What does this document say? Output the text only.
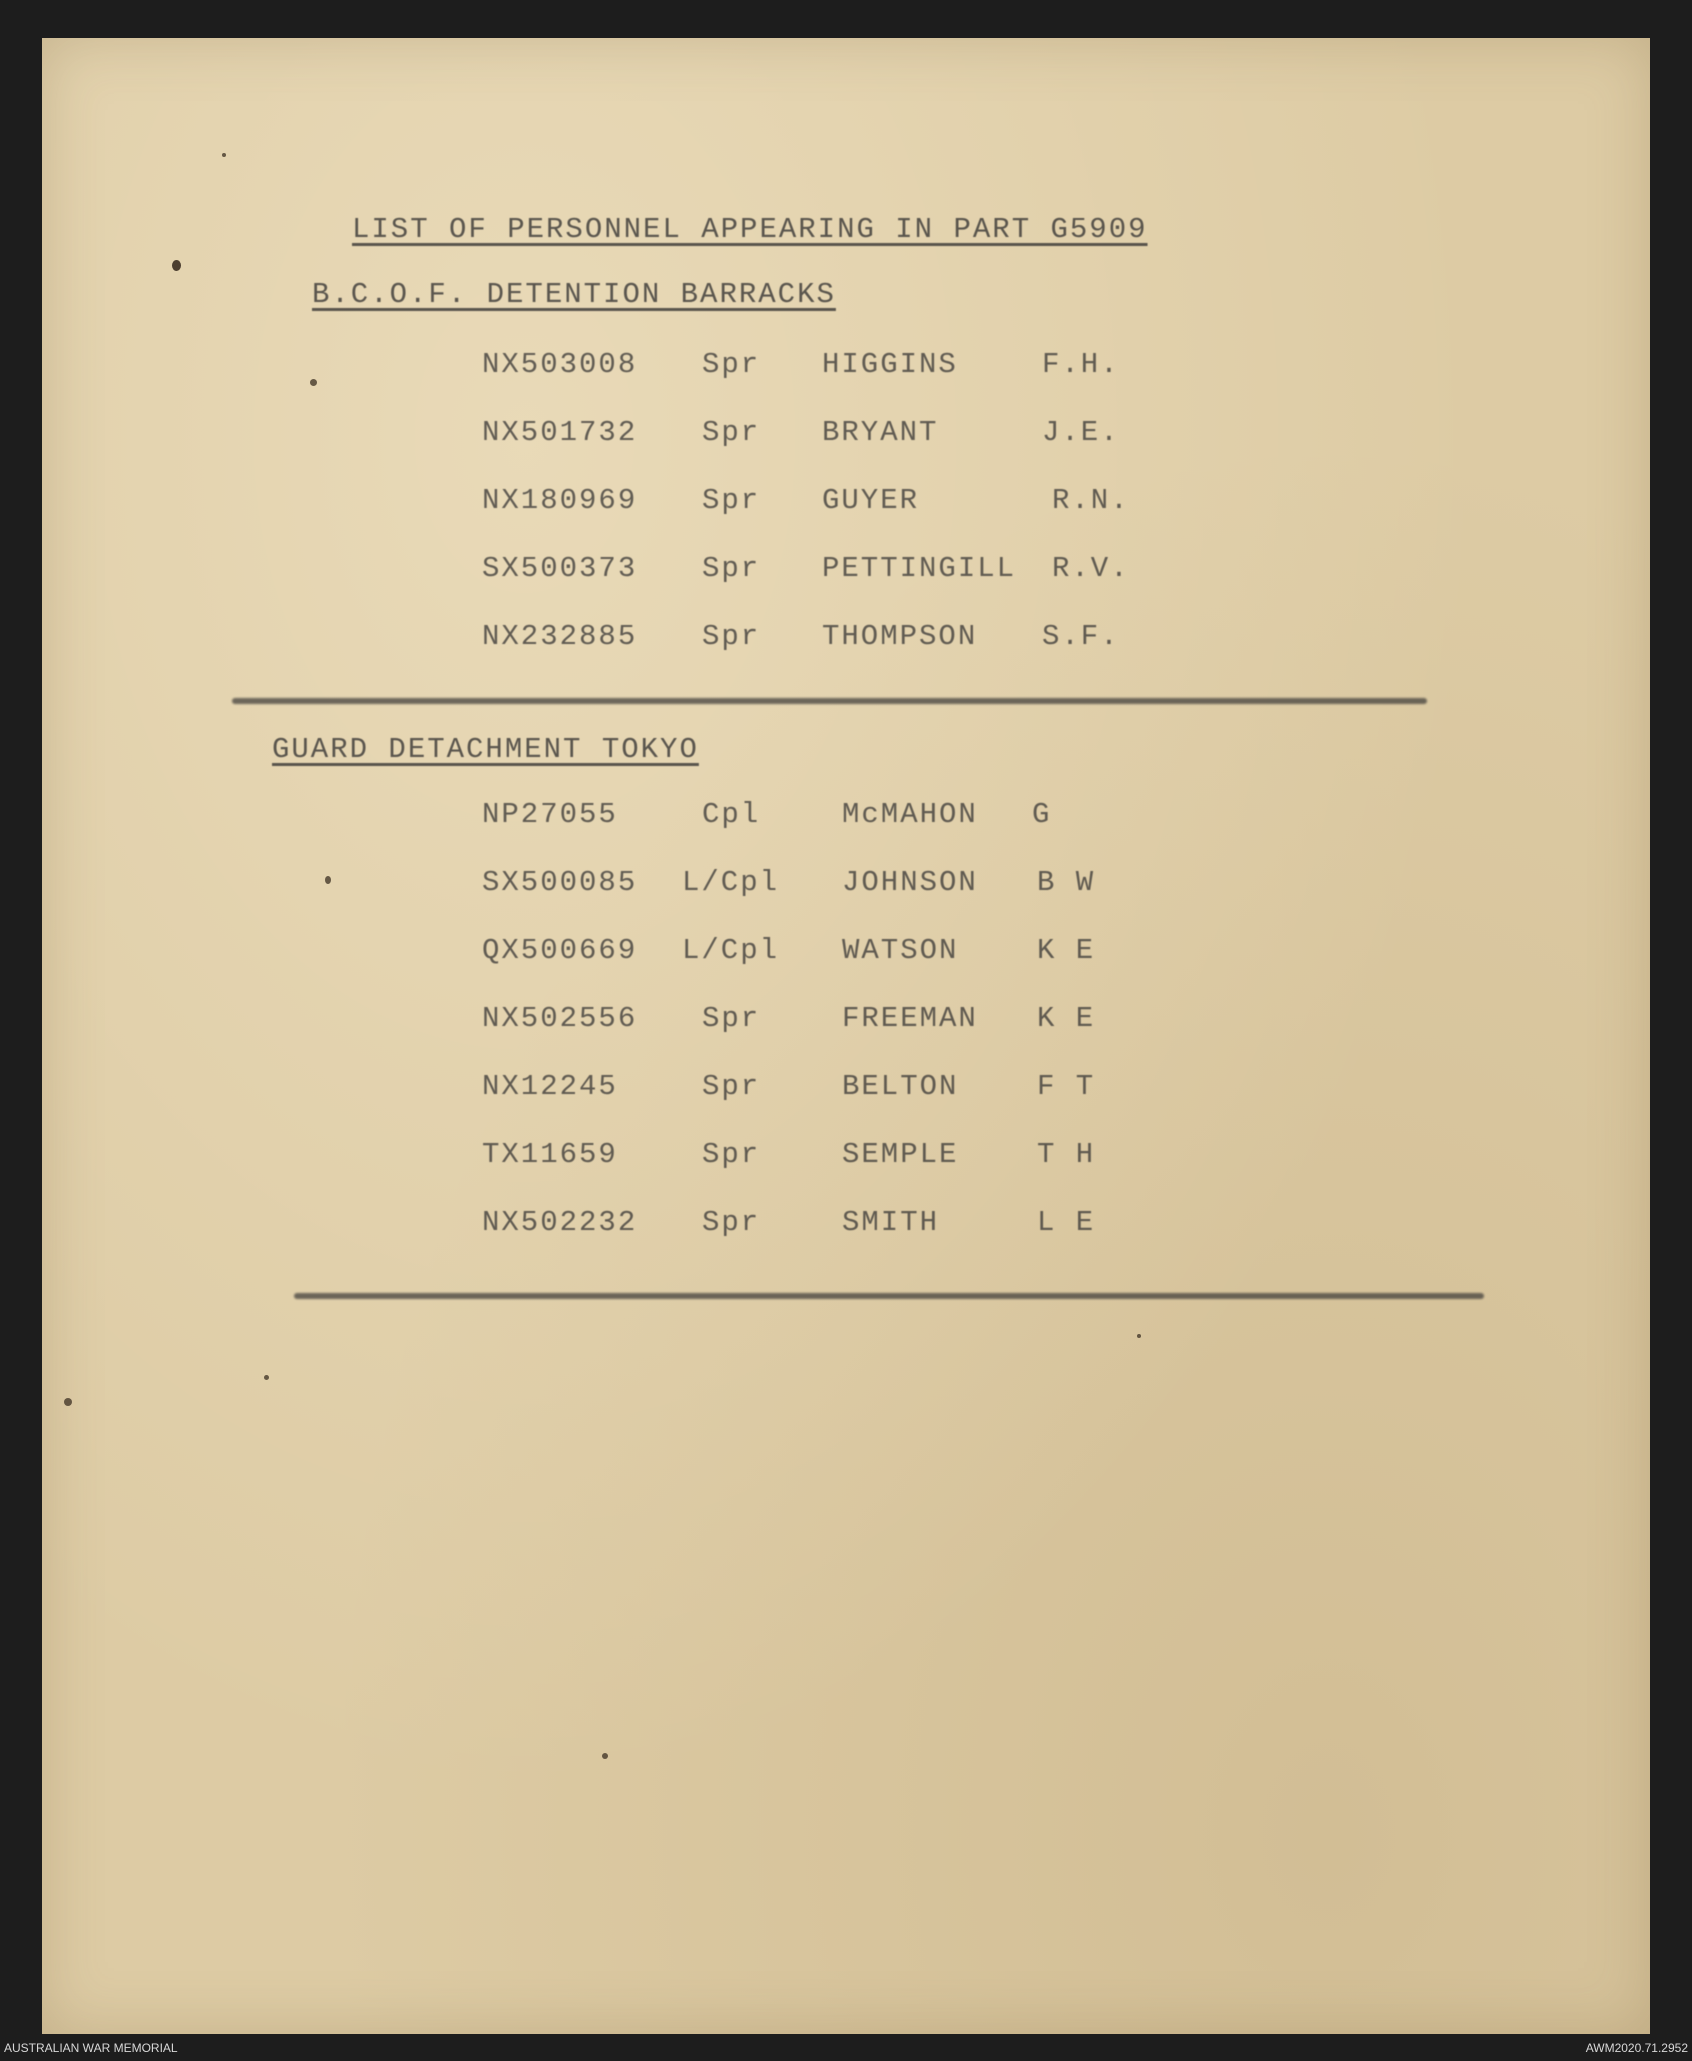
LIST OF PERSONNEL APPEARING IN PART G5909
B.C.O.F. DETENTION BARRACKS
NX503008 Spr HIGGINS	F.H.
NX501732 Spr BRYANT	J.E.
NX180969 Spr GUYER	R.N.
SX500373 Spr PETTINGILL R.V.
NX232885 Spr THOMPSON S.F.
GUARD DETACHMENT TOKYO
NP27055	Cpl	McMAHON G
SX500085 L/Cpl JOHNSON B W
QX500669 L/Cpl WATSON	K E
NX502556 Spr	FREEMAN K E
NX12245	Spr	BELTON	F T
TX11659	Spr	SEMPLE	T H
NX502232 Spr	SMITH	L E
AUSTRALIAN WAR MEMORIAL	AWM2020.71.2952
